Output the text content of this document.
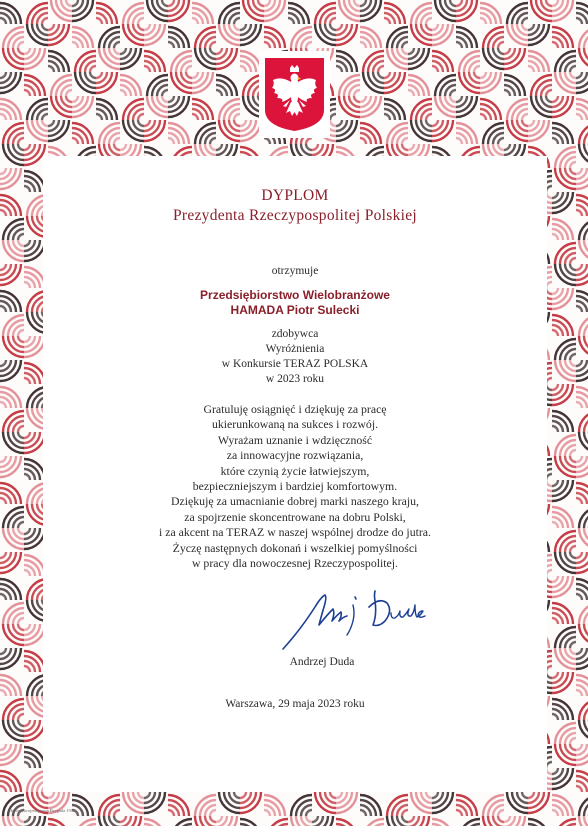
DYPLOM

Prezydenta Rzeczypospolitej Polskiej

otrzymuje

Przedsiębiorstwo Wielobranżowe

HAMADA Piotr Sulecki

zdobywca

Wyróżnienia

w Konkursie TERAZ POLSKA

w 2023 roku

Gratuluję osiągnięć i dziękuję za pracę
ukierunkowaną na sukces i rozwój.
Wyrażam uznanie i wdzięczność
za innowacyjne rozwiązania,
które czynią życie łatwiejszym,
bezpieczniejszym i bardziej komfortowym.
Dziękuję za umacnianie dobrej marki naszego kraju,
za spojrzenie skoncentrowane na dobru Polski,
i za akcent na TERAZ w naszej wspólnej drodze do jutra.
Życzę następnych dokonań i wszelkiej pomyślności
w pracy dla nowoczesnej Rzeczypospolitej.

Andrzej Duda

Warszawa, 29 maja 2023 roku

Złożono krojem pisma Brygada 1918
